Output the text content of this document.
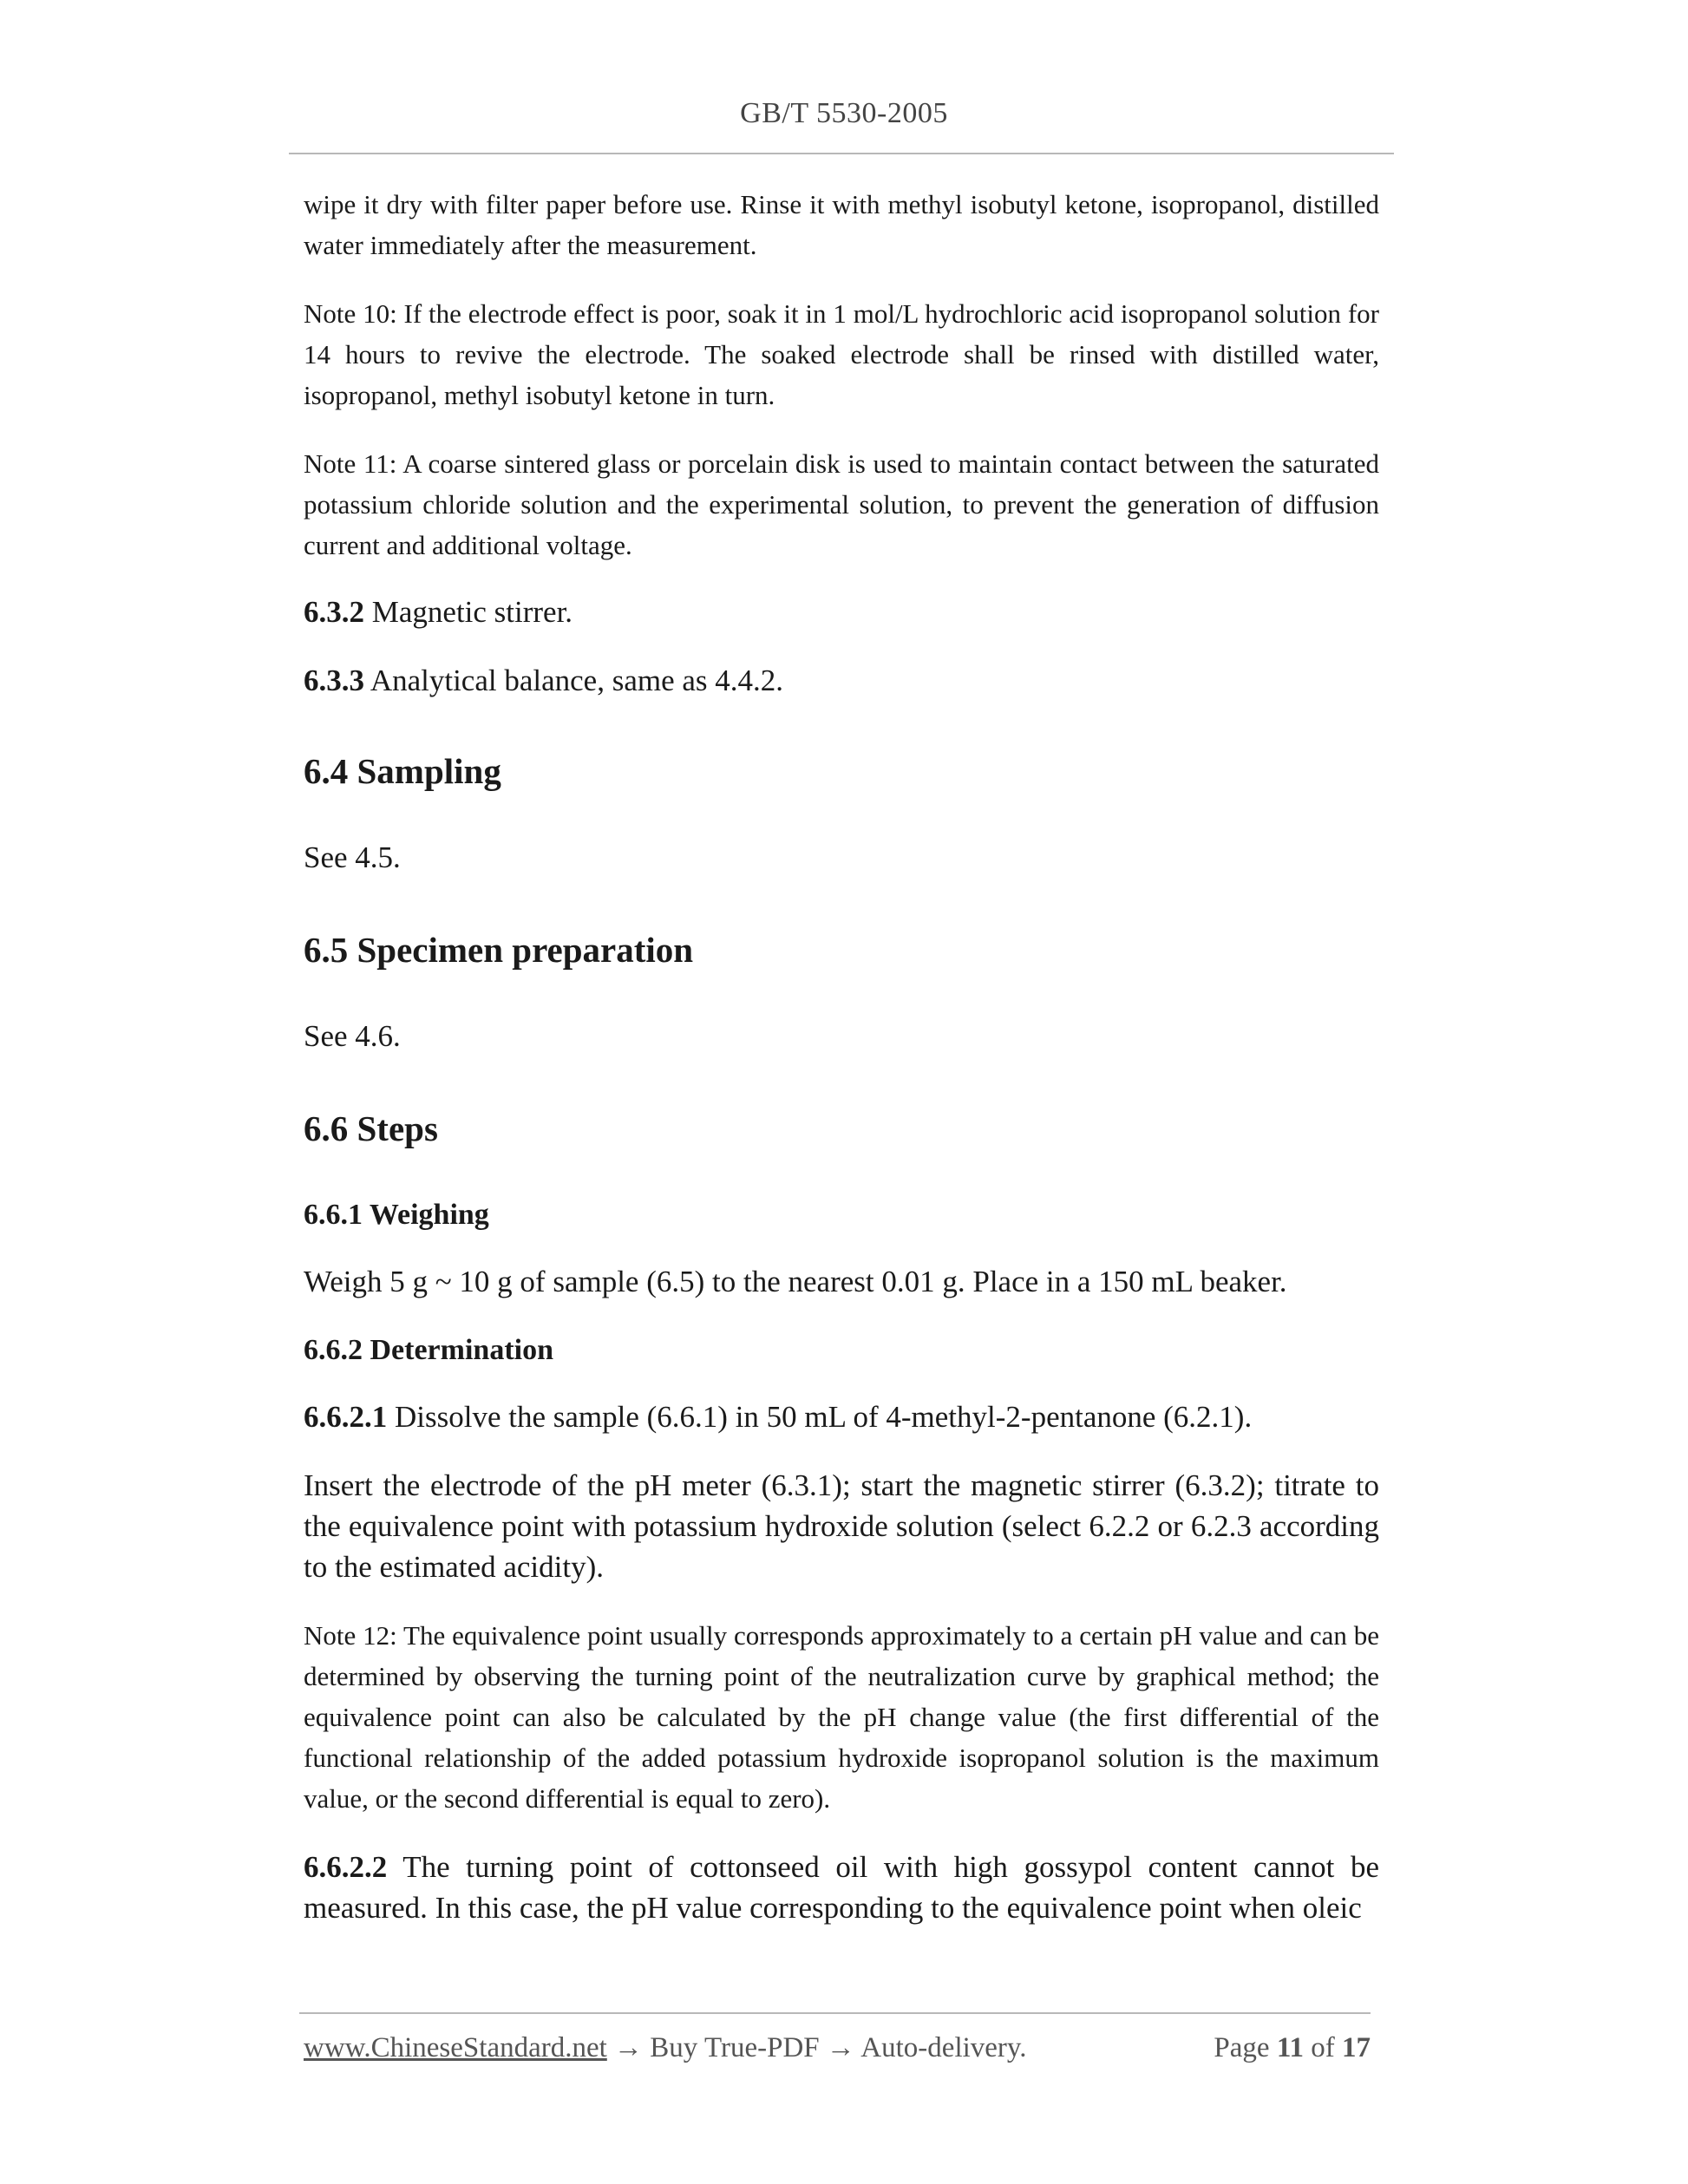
GB/T 5530-2005

wipe it dry with filter paper before use. Rinse it with methyl isobutyl ketone, isopropanol, distilled water immediately after the measurement.

Note 10: If the electrode effect is poor, soak it in 1 mol/L hydrochloric acid isopropanol solution for 14 hours to revive the electrode. The soaked electrode shall be rinsed with distilled water, isopropanol, methyl isobutyl ketone in turn.

Note 11: A coarse sintered glass or porcelain disk is used to maintain contact between the saturated potassium chloride solution and the experimental solution, to prevent the generation of diffusion current and additional voltage.

6.3.2 Magnetic stirrer.

6.3.3 Analytical balance, same as 4.4.2.

6.4 Sampling
See 4.5.
6.5 Specimen preparation
See 4.6.
6.6 Steps
6.6.1 Weighing

Weigh 5 g ~ 10 g of sample (6.5) to the nearest 0.01 g. Place in a 150 mL beaker.

6.6.2 Determination

6.6.2.1 Dissolve the sample (6.6.1) in 50 mL of 4-methyl-2-pentanone (6.2.1).

Insert the electrode of the pH meter (6.3.1); start the magnetic stirrer (6.3.2); titrate to the equivalence point with potassium hydroxide solution (select 6.2.2 or 6.2.3 according to the estimated acidity).

Note 12: The equivalence point usually corresponds approximately to a certain pH value and can be determined by observing the turning point of the neutralization curve by graphical method; the equivalence point can also be calculated by the pH change value (the first differential of the functional relationship of the added potassium hydroxide isopropanol solution is the maximum value, or the second differential is equal to zero).

6.6.2.2 The turning point of cottonseed oil with high gossypol content cannot be measured. In this case, the pH value corresponding to the equivalence point when oleic

www.ChineseStandard.net → Buy True-PDF → Auto-delivery.	Page 11 of 17
